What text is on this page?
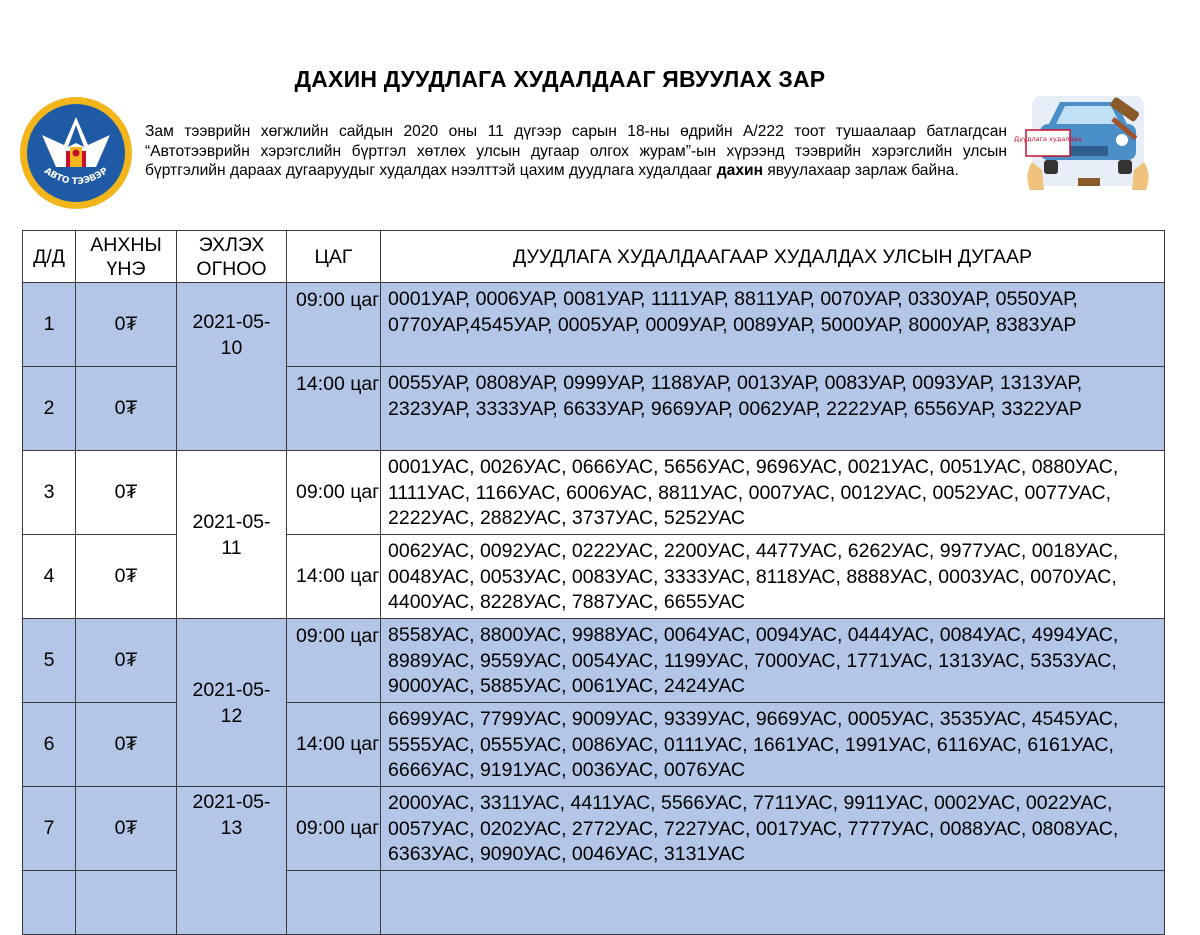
ДАХИН ДУУДЛАГА ХУДАЛДААГ ЯВУУЛАХ ЗАР
АВТО ТЭЭВЭР
Дуудлага худалдаа
Зам тээврийн хөгжлийн сайдын 2020 оны 11 дүгээр сарын 18-ны өдрийн А/222 тоот тушаалаар батлагдсан “Автотээврийн хэрэгслийн бүртгэл хөтлөх улсын дугаар олгох журам”-ын хүрээнд тээврийн хэрэгслийн улсын бүртгэлийн дараах дугааруудыг худалдах нээлттэй цахим дуудлага худалдааг дахин явуулахаар зарлаж байна.
Д/Д	АНХНЫ ҮНЭ	ЭХЛЭХ ОГНОО	ЦАГ	ДУУДЛАГА ХУДАЛДААГААР ХУДАЛДАХ УЛСЫН ДУГААР
1	0₮	2021-05-10	09:00 цаг	0001УАР, 0006УАР, 0081УАР, 1111УАР, 8811УАР, 0070УАР, 0330УАР, 0550УАР, 0770УАР,4545УАР, 0005УАР, 0009УАР, 0089УАР, 5000УАР, 8000УАР, 8383УАР
2	0₮		14:00 цаг	0055УАР, 0808УАР, 0999УАР, 1188УАР, 0013УАР, 0083УАР, 0093УАР, 1313УАР, 2323УАР, 3333УАР, 6633УАР, 9669УАР, 0062УАР, 2222УАР, 6556УАР, 3322УАР
3	0₮	2021-05-11	09:00 цаг	0001УАС, 0026УАС, 0666УАС, 5656УАС, 9696УАС, 0021УАС, 0051УАС, 0880УАС, 1111УАС, 1166УАС, 6006УАС, 8811УАС, 0007УАС, 0012УАС, 0052УАС, 0077УАС, 2222УАС, 2882УАС, 3737УАС, 5252УАС
4	0₮		14:00 цаг	0062УАС, 0092УАС, 0222УАС, 2200УАС, 4477УАС, 6262УАС, 9977УАС, 0018УАС, 0048УАС, 0053УАС, 0083УАС, 3333УАС, 8118УАС, 8888УАС, 0003УАС, 0070УАС, 4400УАС, 8228УАС, 7887УАС, 6655УАС
5	0₮	2021-05-12	09:00 цаг	8558УАС, 8800УАС, 9988УАС, 0064УАС, 0094УАС, 0444УАС, 0084УАС, 4994УАС, 8989УАС, 9559УАС, 0054УАС, 1199УАС, 7000УАС, 1771УАС, 1313УАС, 5353УАС, 9000УАС, 5885УАС, 0061УАС, 2424УАС
6	0₮		14:00 цаг	6699УАС, 7799УАС, 9009УАС, 9339УАС, 9669УАС, 0005УАС, 3535УАС, 4545УАС, 5555УАС, 0555УАС, 0086УАС, 0111УАС, 1661УАС, 1991УАС, 6116УАС, 6161УАС, 6666УАС, 9191УАС, 0036УАС, 0076УАС
7	0₮	2021-05-13	09:00 цаг	2000УАС, 3311УАС, 4411УАС, 5566УАС, 7711УАС, 9911УАС, 0002УАС, 0022УАС, 0057УАС, 0202УАС, 2772УАС, 7227УАС, 0017УАС, 7777УАС, 0088УАС, 0808УАС, 6363УАС, 9090УАС, 0046УАС, 3131УАС
